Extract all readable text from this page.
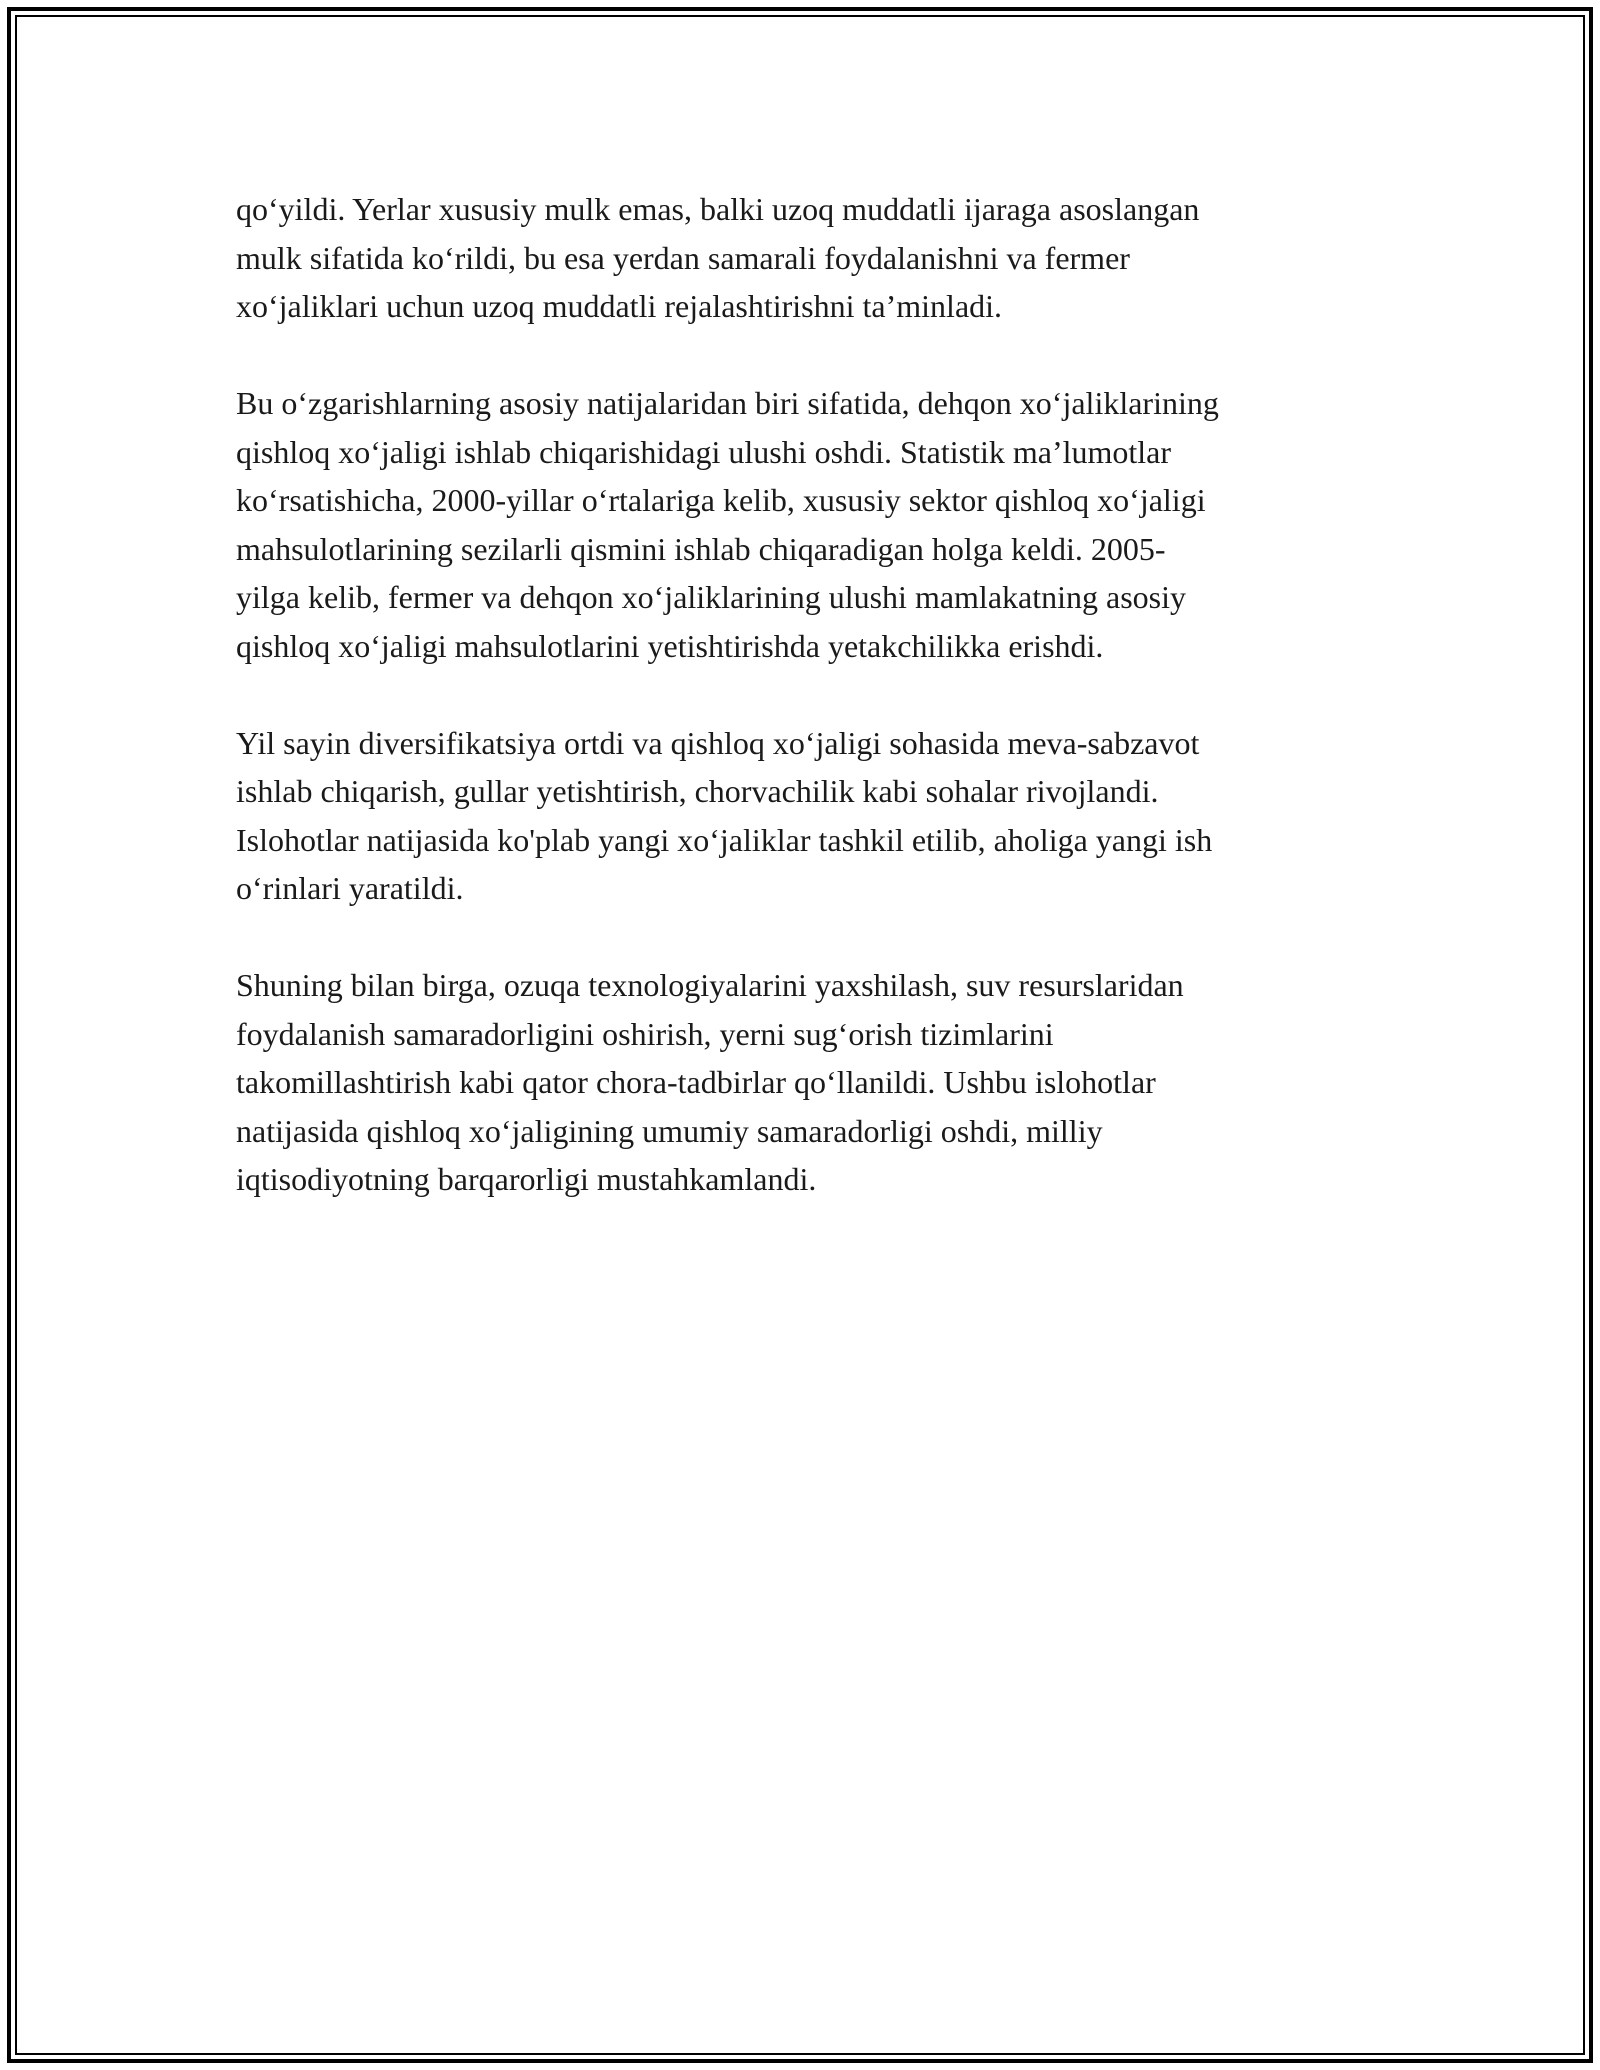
qo‘yildi. Yerlar xususiy mulk emas, balki uzoq muddatli ijaraga asoslangan
mulk sifatida ko‘rildi, bu esa yerdan samarali foydalanishni va fermer
xo‘jaliklari uchun uzoq muddatli rejalashtirishni ta’minladi.

Bu o‘zgarishlarning asosiy natijalaridan biri sifatida, dehqon xo‘jaliklarining
qishloq xo‘jaligi ishlab chiqarishidagi ulushi oshdi. Statistik ma’lumotlar
ko‘rsatishicha, 2000-yillar o‘rtalariga kelib, xususiy sektor qishloq xo‘jaligi
mahsulotlarining sezilarli qismini ishlab chiqaradigan holga keldi. 2005-
yilga kelib, fermer va dehqon xo‘jaliklarining ulushi mamlakatning asosiy
qishloq xo‘jaligi mahsulotlarini yetishtirishda yetakchilikka erishdi.

Yil sayin diversifikatsiya ortdi va qishloq xo‘jaligi sohasida meva-sabzavot
ishlab chiqarish, gullar yetishtirish, chorvachilik kabi sohalar rivojlandi.
Islohotlar natijasida ko'plab yangi xo‘jaliklar tashkil etilib, aholiga yangi ish
o‘rinlari yaratildi.

Shuning bilan birga, ozuqa texnologiyalarini yaxshilash, suv resurslaridan
foydalanish samaradorligini oshirish, yerni sug‘orish tizimlarini
takomillashtirish kabi qator chora-tadbirlar qo‘llanildi. Ushbu islohotlar
natijasida qishloq xo‘jaligining umumiy samaradorligi oshdi, milliy
iqtisodiyotning barqarorligi mustahkamlandi.
